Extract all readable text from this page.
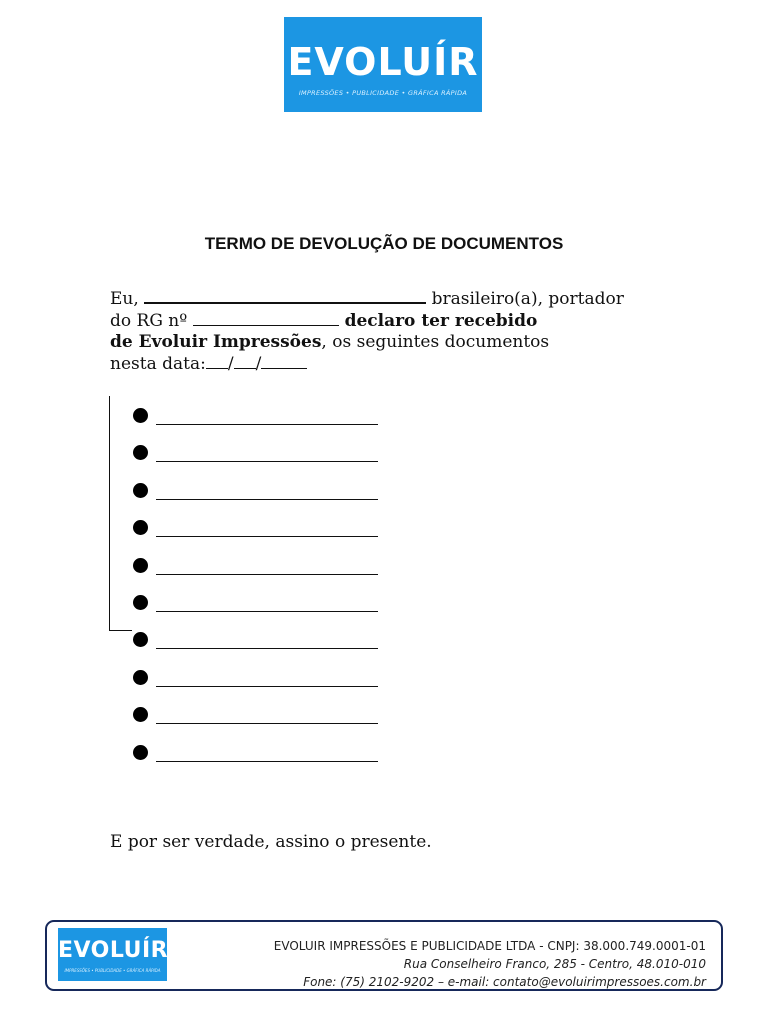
EVOLUÍR
IMPRESSÕES • PUBLICIDADE • GRÁFICA RÁPIDA
TERMO DE DEVOLUÇÃO DE DOCUMENTOS
Eu,	brasileiro(a), portador
do RG nº	declaro ter recebido
de Evoluir Impressões, os seguintes documentos
nesta data: / /
E por ser verdade, assino o presente.
EVOLUÍR
IMPRESSÕES • PUBLICIDADE • GRÁFICA RÁPIDA
EVOLUIR IMPRESSÕES E PUBLICIDADE LTDA - CNPJ: 38.000.749.0001-01
Rua Conselheiro Franco, 285 - Centro, 48.010-010
Fone: (75) 2102-9202 – e-mail: contato@evoluirimpressoes.com.br
